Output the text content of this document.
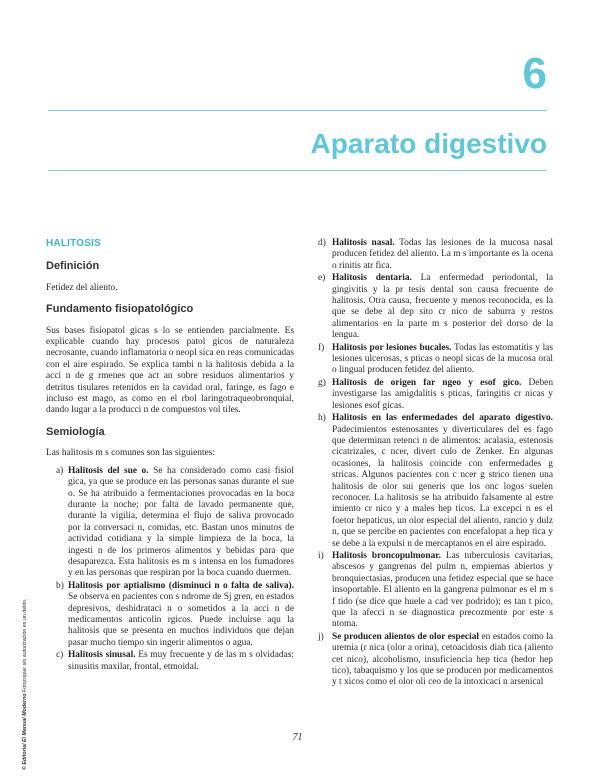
6
Aparato digestivo
HALITOSIS
Definición
Fetidez del aliento.
Fundamento fisiopatológico
Sus bases fisiopatol gicas s lo se entienden parcialmente. Es explicable cuando hay procesos patol gicos de naturaleza necrosante, cuando inflamatoria o neopl sica en reas comunicadas con el aire espirado. Se explica tambi n la halitosis debida a la acci n de g rmenes que act an sobre residuos alimentarios y detritus tisulares retenidos en la cavidad oral, faringe, es fago e incluso est mago, as como en el rbol laringotraqueobronquial, dando lugar a la producci n de compuestos vol tiles.
Semiología
Las halitosis m s comunes son las siguientes:
a) Halitosis del sue o. Se ha considerado como casi fisiol gica, ya que se produce en las personas sanas durante el sue o. Se ha atribuido a fermentaciones provocadas en la boca durante la noche; por falta de lavado permanente que, durante la vigilia, determina el flujo de saliva provocado por la conversaci n, comidas, etc. Bastan unos minutos de actividad cotidiana y la simple limpieza de la boca, la ingesti n de los primeros alimentos y bebidas para que desaparezca. Esta halitosis es m s intensa en los fumadores y en las personas que respiran por la boca cuando duermen.
b) Halitosis por aptialismo (disminuci n o falta de saliva). Se observa en pacientes con s ndrome de Sj gren, en estados depresivos, deshidrataci n o sometidos a la acci n de medicamentos anticolin rgicos. Puede incluirse aqu la halitosis que se presenta en muchos individuos que dejan pasar mucho tiempo sin ingerir alimentos o agua.
c) Halitosis sinusal. Es muy frecuente y de las m s olvidadas: sinusitis maxilar, frontal, etmoidal.
d) Halitosis nasal. Todas las lesiones de la mucosa nasal producen fetidez del aliento. La m s importante es la ocena o rinitis atr fica.
e) Halitosis dentaria. La enfermedad periodontal, la gingivitis y la pr tesis dental son causa frecuente de halitosis. Otra causa, frecuente y menos reconocida, es la que se debe al dep sito cr nico de saburra y restos alimentarios en la parte m s posterior del dorso de la lengua.
f) Halitosis por lesiones bucales. Todas las estomatitis y las lesiones ulcerosas, s pticas o neopl sicas de la mucosa oral o lingual producen fetidez del aliento.
g) Halitosis de origen far ngeo y esof gico. Deben investigarse las amigdalitis s pticas, faringitis cr nicas y lesiones esof gicas.
h) Halitosis en las enfermedades del aparato digestivo. Padecimientos estenosantes y diverticulares del es fago que determinan retenci n de alimentos: acalasia, estenosis cicatrizales, c ncer, divert culo de Zenker. En algunas ocasiones, la halitosis coincide con enfermedades g stricas. Algunos pacientes con c ncer g strico tienen una halitosis de olor sui generis que los onc logos suelen reconocer. La halitosis se ha atribuido falsamente al estre imiento cr nico y a males hep ticos. La excepci n es el foetor hepaticus, un olor especial del aliento, rancio y dulz n, que se percibe en pacientes con encefalopat a hep tica y se debe a la expulsi n de mercaptanos en el aire espirado.
i) Halitosis broncopulmonar. Las tuberculosis cavitarias, abscesos y gangrenas del pulm n, empiemas abiertos y bronquiectasias, producen una fetidez especial que se hace insoportable. El aliento en la gangrena pulmonar es el m s f tido (se dice que huele a cad ver podrido); es tan t pico, que la afecci n se diagnostica precozmente por este s ntoma.
j) Se producen alientos de olor especial en estados como la uremia (r nica (olor a orina), cetoacidosis diab tica (aliento cet nico), alcoholismo, insuficiencia hep tica (hedor hep tico), tabaquismo y los que se producen por medicamentos y t xicos como el olor oli ceo de la intoxicaci n arsenical
© Editorial El Manual Moderno Fotocopiar sin autorización es un delito.
71
